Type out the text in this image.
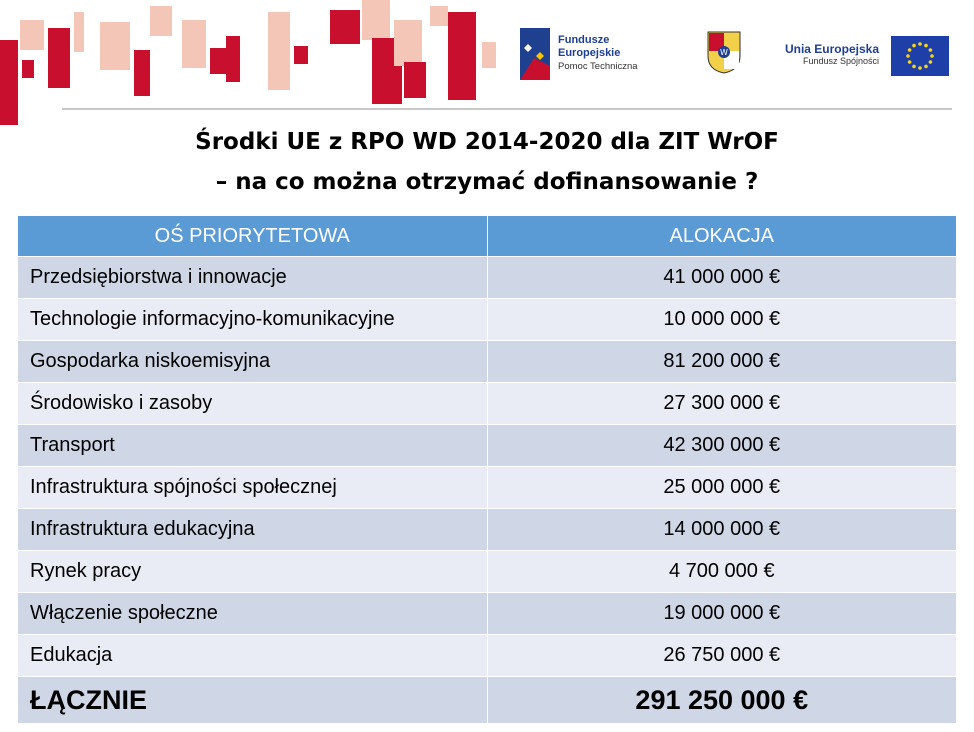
Fundusze
Europejskie
Pomoc Techniczna
W	Unia Europejska
Fundusz Spójności
Środki UE z RPO WD 2014-2020 dla ZIT WrOF
– na co można otrzymać dofinansowanie ?
OŚ PRIORYTETOWA	ALOKACJA
Przedsiębiorstwa i innowacje	41 000 000 €
Technologie informacyjno-komunikacyjne	10 000 000 €
Gospodarka niskoemisyjna	81 200 000 €
Środowisko i zasoby	27 300 000 €
Transport	42 300 000 €
Infrastruktura spójności społecznej	25 000 000 €
Infrastruktura edukacyjna	14 000 000 €
Rynek pracy	4 700 000 €
Włączenie społeczne	19 000 000 €
Edukacja	26 750 000 €
ŁĄCZNIE	291 250 000 €
